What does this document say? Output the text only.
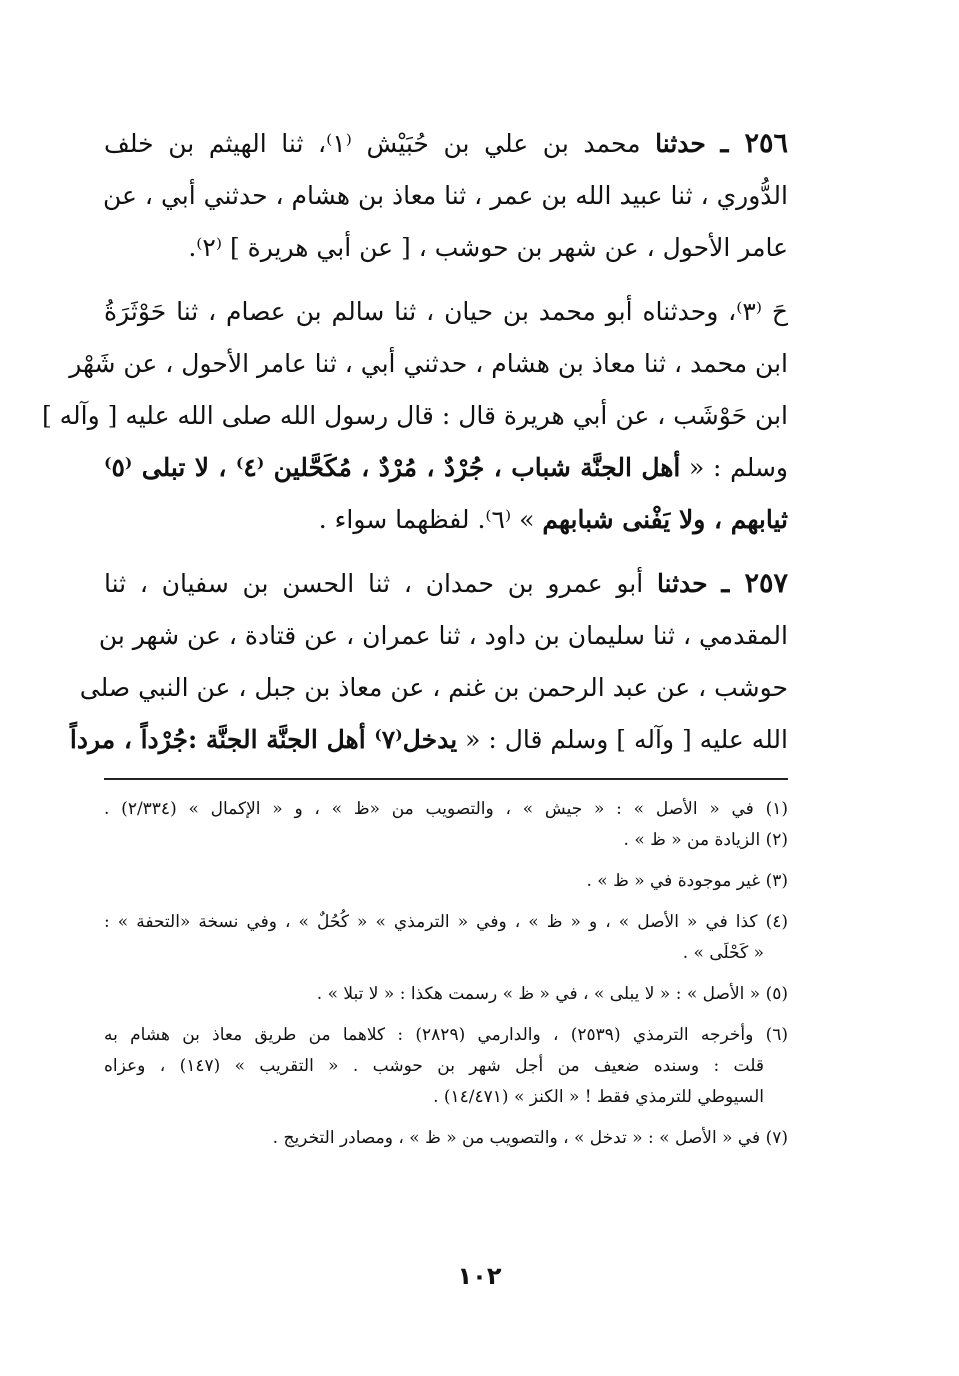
٢٥٦ ـ حدثنا محمد بن علي بن حُبَيْش ⁽١⁾، ثنا الهيثم بن خلف
الدُّوري ، ثنا عبيد الله بن عمر ، ثنا معاذ بن هشام ، حدثني أبي ، عن
عامر الأحول ، عن شهر بن حوشب ، [ عن أبي هريرة ] ⁽٢⁾.
حَ ⁽٣⁾، وحدثناه أبو محمد بن حيان ، ثنا سالم بن عصام ، ثنا حَوْثَرَةُ
ابن محمد ، ثنا معاذ بن هشام ، حدثني أبي ، ثنا عامر الأحول ، عن شَهْر
ابن حَوْشَب ، عن أبي هريرة قال : قال رسول الله صلى الله عليه [ وآله ]
وسلم : « أهل الجنَّة شباب ، جُرْدٌ ، مُرْدٌ ، مُكَحَّلين ⁽٤⁾ ، لا تبلى ⁽٥⁾
ثيابهم ، ولا يَفْنى شبابهم » ⁽٦⁾. لفظهما سواء .
٢٥٧ ـ حدثنا أبو عمرو بن حمدان ، ثنا الحسن بن سفيان ، ثنا
المقدمي ، ثنا سليمان بن داود ، ثنا عمران ، عن قتادة ، عن شهر بن
حوشب ، عن عبد الرحمن بن غنم ، عن معاذ بن جبل ، عن النبي صلى
الله عليه [ وآله ] وسلم قال : « يدخل⁽٧⁾ أهل الجنَّة الجنَّة :جُرْداً ، مرداً
(١) في « الأصل » : « جيش » ، والتصويب من «ظ » ، و « الإكمال » (٢/٣٣٤) .
(٢) الزيادة من « ظ » .
(٣) غير موجودة في « ظ » .
(٤) كذا في « الأصل » ، و « ظ » ، وفي « الترمذي » « كُحُلٌ » ، وفي نسخة «التحفة » :
« كَحْلَى » .
(٥) « الأصل » : « لا يبلى » ، في « ظ » رسمت هكذا : « لا تبلا » .
(٦) وأخرجه الترمذي (٢٥٣٩) ، والدارمي (٢٨٢٩) : كلاهما من طريق معاذ بن هشام به
قلت : وسنده ضعيف من أجل شهر بن حوشب . « التقريب » (١٤٧) ، وعزاه
السيوطي للترمذي فقط ! « الكنز » (١٤/٤٧١) .
(٧) في « الأصل » : « تدخل » ، والتصويب من « ظ » ، ومصادر التخريج .
١٠٢
